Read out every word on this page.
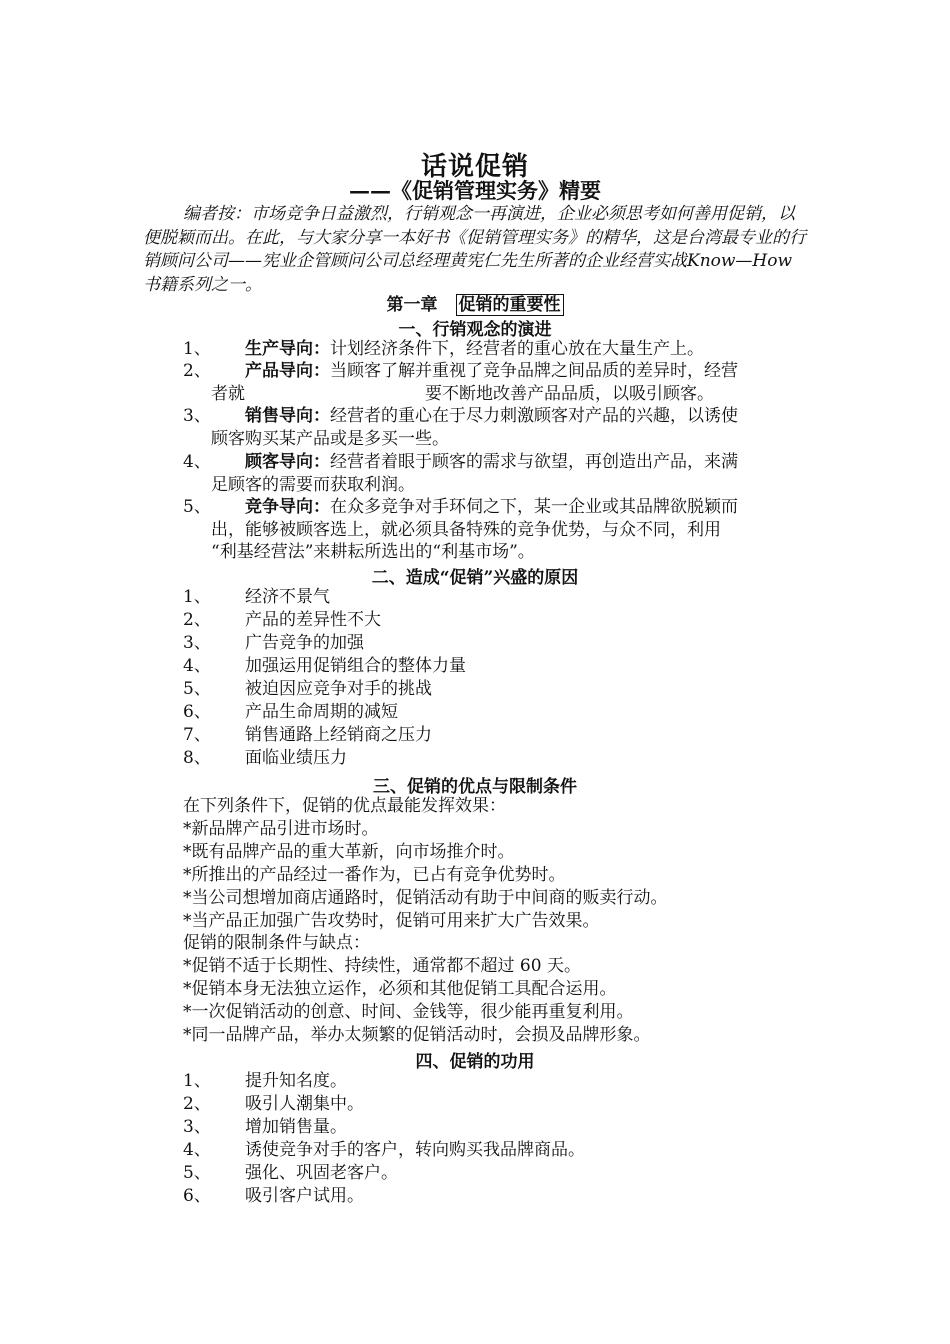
话说促销
——《促销管理实务》精要
编者按：市场竞争日益激烈，行销观念一再演进，企业必须思考如何善用促销，以便脱颖而出。在此，与大家分享一本好书《促销管理实务》的精华，这是台湾最专业的行销顾问公司——宪业企管顾问公司总经理黄宪仁先生所著的企业经营实战Know—How 书籍系列之一。
第一章 促销的重要性
一、行销观念的演进
1、	生产导向：计划经济条件下，经营者的重心放在大量生产上。
2、	产品导向：当顾客了解并重视了竞争品牌之间品质的差异时，经营
者就	要不断地改善产品品质，以吸引顾客。
3、	销售导向：经营者的重心在于尽力刺激顾客对产品的兴趣，以诱使
顾客购买某产品或是多买一些。
4、	顾客导向：经营者着眼于顾客的需求与欲望，再创造出产品，来满
足顾客的需要而获取利润。
5、	竞争导向：在众多竞争对手环伺之下，某一企业或其品牌欲脱颖而
出，能够被顾客选上，就必须具备特殊的竞争优势，与众不同，利用
“利基经营法”来耕耘所选出的“利基市场”。
二、造成“促销”兴盛的原因
1、	经济不景气
2、	产品的差异性不大
3、	广告竞争的加强
4、	加强运用促销组合的整体力量
5、	被迫因应竞争对手的挑战
6、	产品生命周期的减短
7、	销售通路上经销商之压力
8、	面临业绩压力
三、促销的优点与限制条件
在下列条件下，促销的优点最能发挥效果：
*新品牌产品引进市场时。
*既有品牌产品的重大革新，向市场推介时。
*所推出的产品经过一番作为，已占有竞争优势时。
*当公司想增加商店通路时，促销活动有助于中间商的贩卖行动。
*当产品正加强广告攻势时，促销可用来扩大广告效果。
促销的限制条件与缺点：
*促销不适于长期性、持续性，通常都不超过 60 天。
*促销本身无法独立运作，必须和其他促销工具配合运用。
*一次促销活动的创意、时间、金钱等，很少能再重复利用。
*同一品牌产品，举办太频繁的促销活动时，会损及品牌形象。
四、促销的功用
1、	提升知名度。
2、	吸引人潮集中。
3、	增加销售量。
4、	诱使竞争对手的客户，转向购买我品牌商品。
5、	强化、巩固老客户。
6、	吸引客户试用。
